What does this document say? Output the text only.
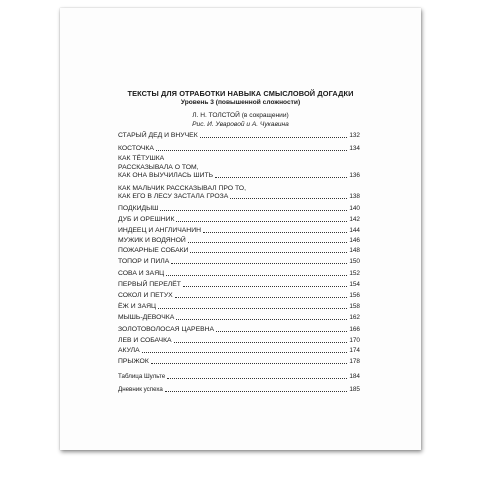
ТЕКСТЫ ДЛЯ ОТРАБОТКИ НАВЫКА СМЫСЛОВОЙ ДОГАДКИ
Уровень 3 (повышенной сложности)
Л. Н. ТОЛСТОЙ (в сокращении)
Рис. И. Уваровой и А. Чукавина
СТАРЫЙ ДЕД И ВНУЧЕК	132
КОСТОЧКА	134
КАК ТЁТУШКА
РАССКАЗЫВАЛА О ТОМ,
КАК ОНА ВЫУЧИЛАСЬ ШИТЬ	136
КАК МАЛЬЧИК РАССКАЗЫВАЛ ПРО ТО,
КАК ЕГО В ЛЕСУ ЗАСТАЛА ГРОЗА	138
ПОДКИДЫШ	140
ДУБ И ОРЕШНИК	142
ИНДЕЕЦ И АНГЛИЧАНИН	144
МУЖИК И ВОДЯНОЙ	146
ПОЖАРНЫЕ СОБАКИ	148
ТОПОР И ПИЛА	150
СОВА И ЗАЯЦ	152
ПЕРВЫЙ ПЕРЕЛЁТ	154
СОКОЛ И ПЕТУХ	156
ЁЖ И ЗАЯЦ	158
МЫШЬ-ДЕВОЧКА	162
ЗОЛОТОВОЛОСАЯ ЦАРЕВНА	166
ЛЕВ И СОБАЧКА	170
АКУЛА	174
ПРЫЖОК	178
Таблица Шульте	184
Дневник успеха	185
